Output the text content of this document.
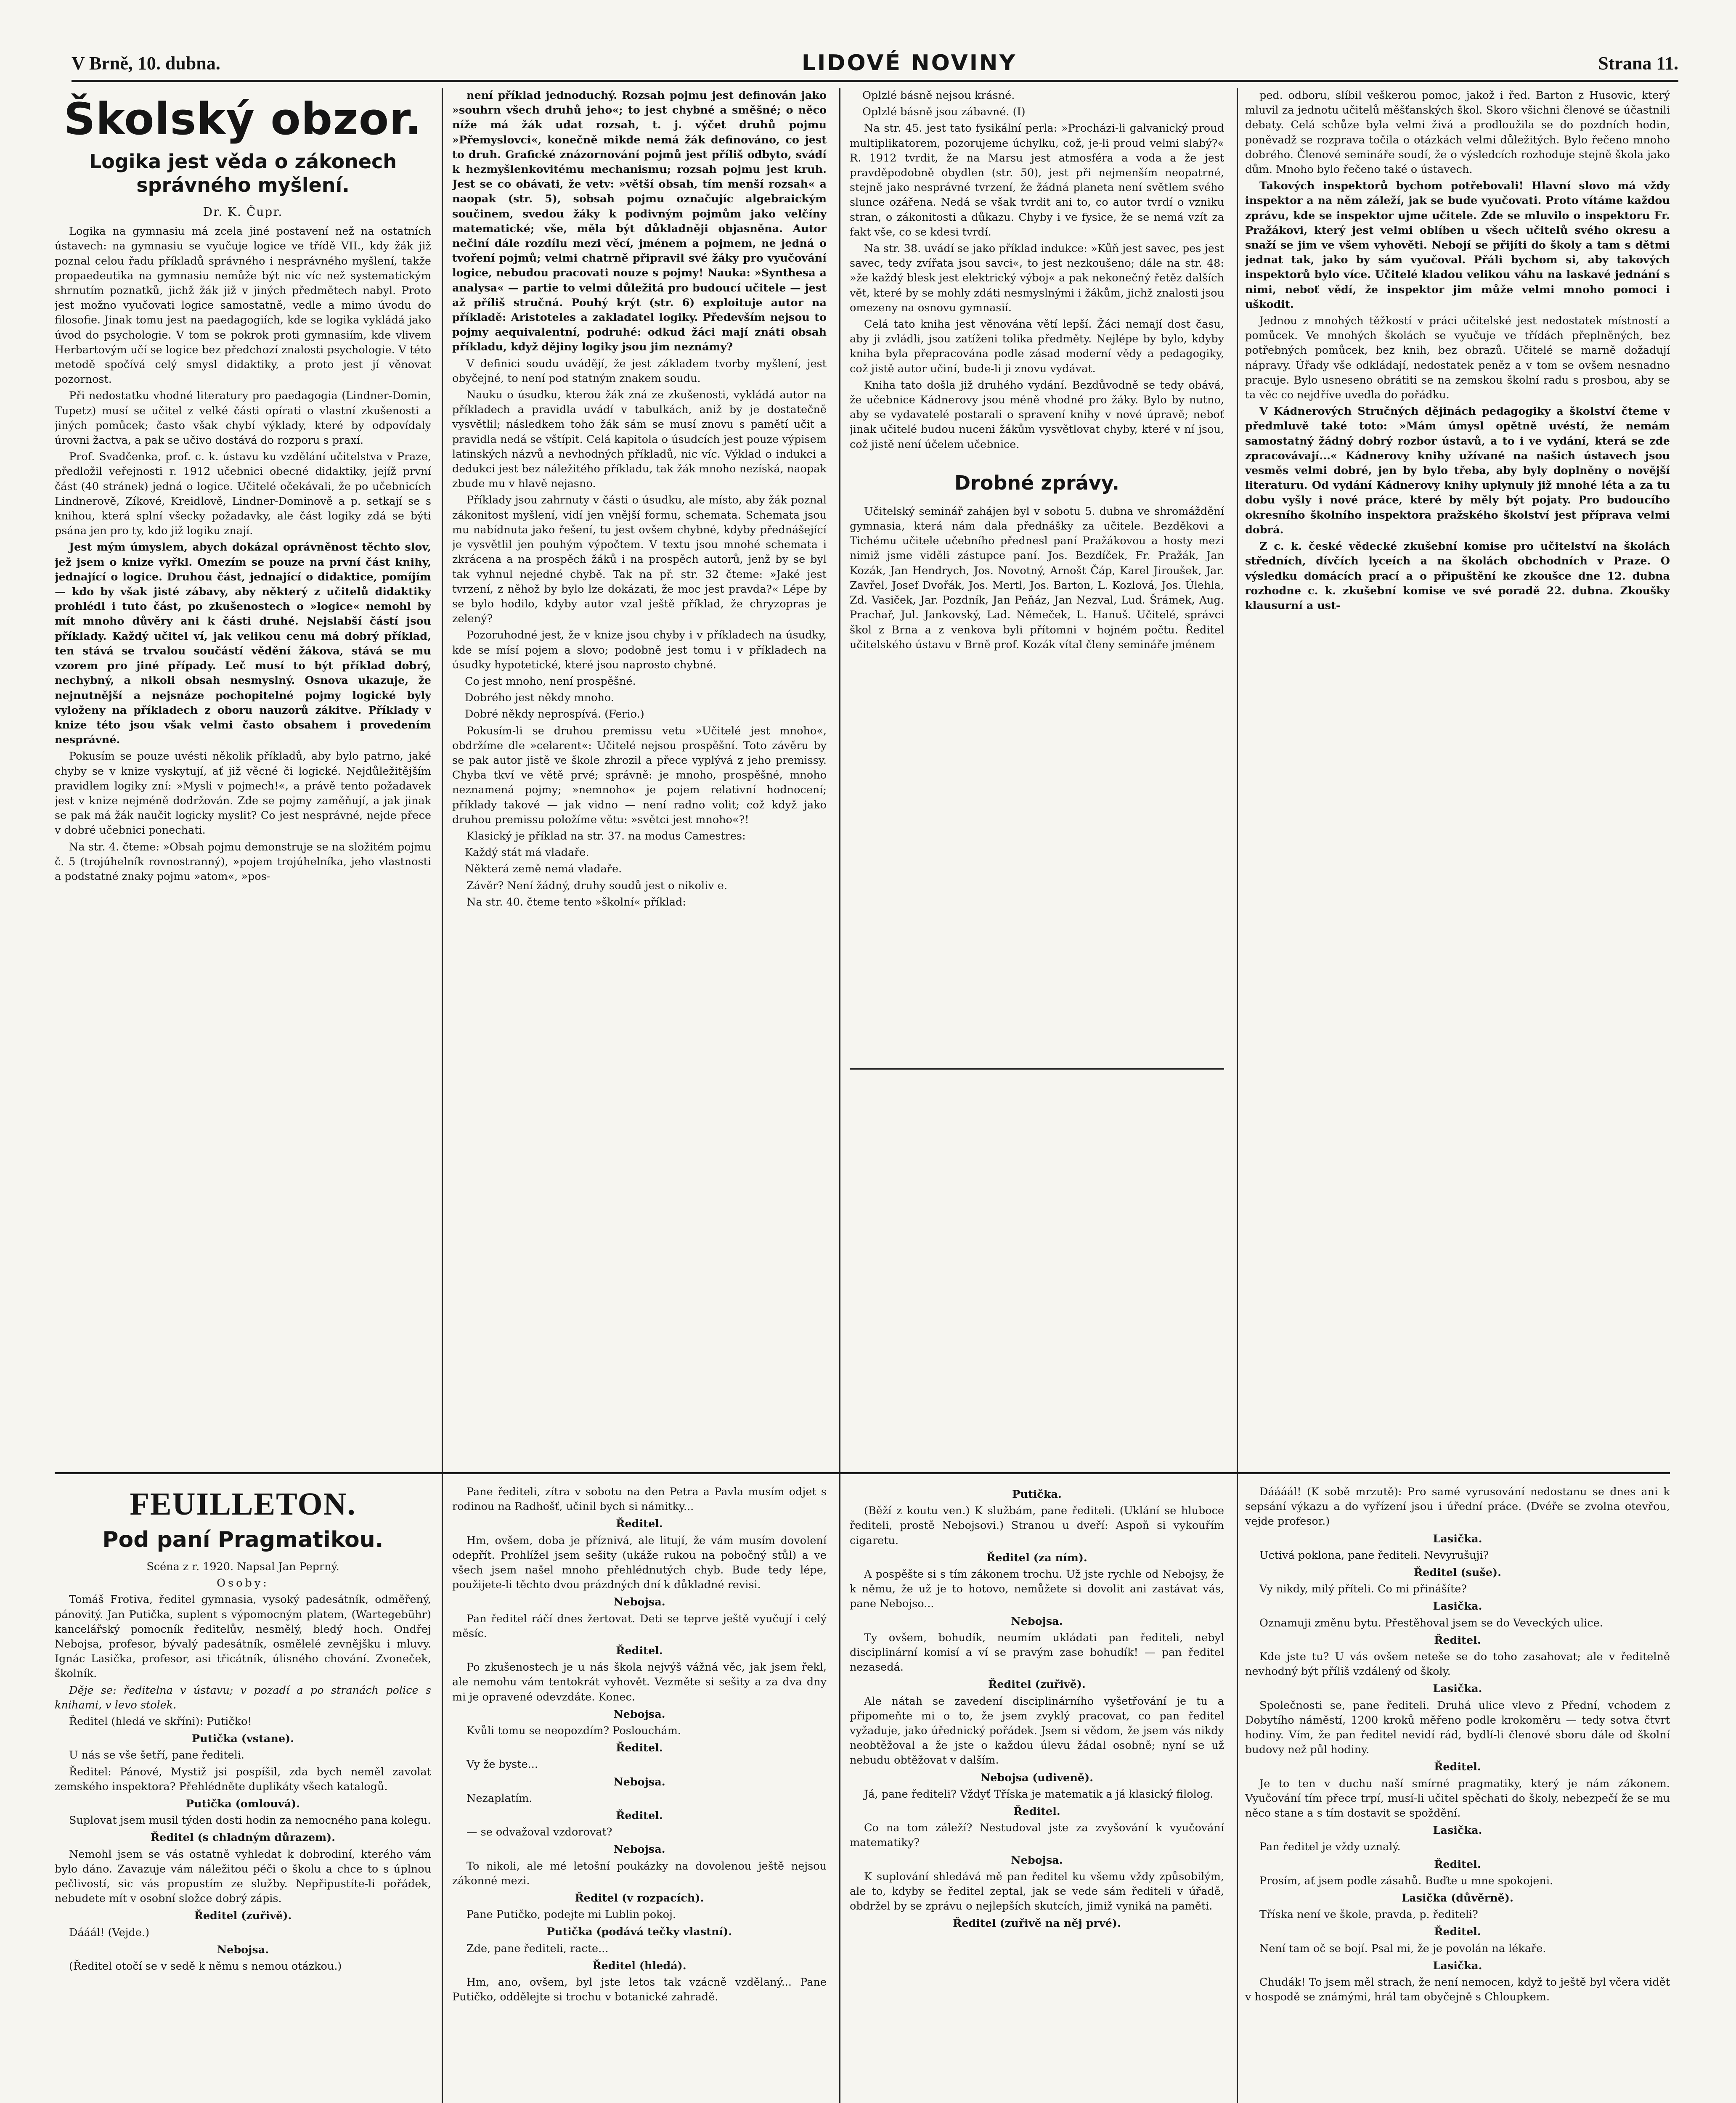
V Brně, 10. dubna.	LIDOVÉ NOVINY	Strana 11.
Školský obzor.
Logika jest věda o zákonech správného myšlení.
Dr. K. Čupr.

Logika na gymnasiu má zcela jiné postavení než na ostatních ústavech: na gymnasiu se vyučuje logice ve třídě VII., kdy žák již poznal celou řadu příkladů správného i nesprávného myšlení, takže propaedeutika na gymnasiu nemůže být nic víc než systematickým shrnutím poznatků, jichž žák již v jiných předmětech nabyl. Proto jest možno vyučovati logice samostatně, vedle a mimo úvodu do filosofie. Jinak tomu jest na paedagogiích, kde se logika vykládá jako úvod do psychologie. V tom se pokrok proti gymnasiím, kde vlivem Herbartovým učí se logice bez předchozí znalosti psychologie. V této metodě spočívá celý smysl didaktiky, a proto jest jí věnovat pozornost.

Při nedostatku vhodné literatury pro paedagogia (Lindner-Domin, Tupetz) musí se učitel z velké části opírati o vlastní zkušenosti a jiných pomůcek; často však chybí výklady, které by odpovídaly úrovni žactva, a pak se učivo dostává do rozporu s praxí.

Prof. Svadčenka, prof. c. k. ústavu ku vzdělání učitelstva v Praze, předložil veřejnosti r. 1912 učebnici obecné didaktiky, jejíž první část (40 stránek) jedná o logice. Učitelé očekávali, že po učebnicích Lindnerově, Zíkové, Kreidlově, Lindner-Dominově a p. setkají se s knihou, která splní všecky požadavky, ale část logiky zdá se býti psána jen pro ty, kdo již logiku znají.

Jest mým úmyslem, abych dokázal oprávněnost těchto slov, jež jsem o knize vyřkl. Omezím se pouze na první část knihy, jednající o logice. Druhou část, jednající o didaktice, pomíjím — kdo by však jisté zábavy, aby některý z učitelů didaktiky prohlédl i tuto část, po zkušenostech o »logice« nemohl by mít mnoho důvěry ani k části druhé. Nejslabší částí jsou příklady. Každý učitel ví, jak velikou cenu má dobrý příklad, ten stává se trvalou součástí vědění žákova, stává se mu vzorem pro jiné případy. Leč musí to být příklad dobrý, nechybný, a nikoli obsah nesmyslný. Osnova ukazuje, že nejnutnější a nejsnáze pochopitelné pojmy logické byly vyloženy na příkladech z oboru nauzorů zákitve. Příklady v knize této jsou však velmi často obsahem i provedením nesprávné.

Pokusím se pouze uvésti několik příkladů, aby bylo patrno, jaké chyby se v knize vyskytují, ať již věcné či logické. Nejdůležitějším pravidlem logiky zní: »Mysli v pojmech!«, a právě tento požadavek jest v knize nejméně dodržován. Zde se pojmy zaměňují, a jak jinak se pak má žák naučit logicky myslit? Co jest nesprávné, nejde přece v dobré učebnici ponechati.

Na str. 4. čteme: »Obsah pojmu demonstruje se na složitém pojmu č. 5 (trojúhelník rovnostranný), »pojem trojúhelníka, jeho vlastnosti a podstatné znaky pojmu »atom«, »pos-

není příklad jednoduchý. Rozsah pojmu jest definován jako »souhrn všech druhů jeho«; to jest chybné a směšné; o něco níže má žák udat rozsah, t. j. výčet druhů pojmu »Přemyslovci«, konečně mikde nemá žák definováno, co jest to druh. Grafické znázornování pojmů jest příliš odbyto, svádí k hezmyšlenkovitému mechanismu; rozsah pojmu jest kruh. Jest se co obávati, že vetv: »větší obsah, tím menší rozsah« a naopak (str. 5), sobsah pojmu označujíc algebraickým součinem, svedou žáky k podivným pojmům jako velčíny matematické; vše, měla být důkladněji objasněna. Autor nečiní dále rozdílu mezi věcí, jménem a pojmem, ne jedná o tvoření pojmů; velmi chatrně připravil své žáky pro vyučování logice, nebudou pracovati nouze s pojmy! Nauka: »Synthesa a analysa« — partie to velmi důležitá pro budoucí učitele — jest až příliš stručná. Pouhý krýt (str. 6) exploituje autor na příkladě: Aristoteles a zakladatel logiky. Především nejsou to pojmy aequivalentní, podruhé: odkud žáci mají znáti obsah příkladu, když dějiny logiky jsou jim neznámy?

V definici soudu uvádějí, že jest základem tvorby myšlení, jest obyčejné, to není pod statným znakem soudu.

Nauku o úsudku, kterou žák zná ze zkušenosti, vykládá autor na příkladech a pravidla uvádí v tabulkách, aniž by je dostatečně vysvětlil; následkem toho žák sám se musí znovu s pamětí učit a pravidla nedá se vštípit. Celá kapitola o úsudcích jest pouze výpisem latinských názvů a nevhodných příkladů, nic víc. Výklad o indukci a dedukci jest bez náležitého příkladu, tak žák mnoho nezíská, naopak zbude mu v hlavě nejasno.

Příklady jsou zahrnuty v části o úsudku, ale místo, aby žák poznal zákonitost myšlení, vidí jen vnější formu, schemata. Schemata jsou mu nabídnuta jako řešení, tu jest ovšem chybné, kdyby přednášející je vysvětlil jen pouhým výpočtem. V textu jsou mnohé schemata i zkrácena a na prospěch žáků i na prospěch autorů, jenž by se byl tak vyhnul nejedné chybě. Tak na př. str. 32 čteme: »Jaké jest tvrzení, z něhož by bylo lze dokázati, že moc jest pravda?« Lépe by se bylo hodilo, kdyby autor vzal ještě příklad, že chryzopras je zelený?

Pozoruhodné jest, že v knize jsou chyby i v příkladech na úsudky, kde se mísí pojem a slovo; podobně jest tomu i v příkladech na úsudky hypotetické, které jsou naprosto chybné.

Co jest mnoho, není prospěšné.

Dobrého jest někdy mnoho.

Dobré někdy neprospívá. (Ferio.)

Pokusím-li se druhou premissu vetu »Učitelé jest mnoho«, obdržíme dle »celarent«: Učitelé nejsou prospěšní. Toto závěru by se pak autor jistě ve škole zhrozil a přece vyplývá z jeho premissy. Chyba tkví ve větě prvé; správně: je mnoho, prospěšné, mnoho neznamená pojmy; »nemnoho« je pojem relativní hodnocení; příklady takové — jak vidno — není radno volit; což když jako druhou premissu položíme větu: »světci jest mnoho«?!

Klasický je příklad na str. 37. na modus Camestres:

Každý stát má vladaře.

Některá země nemá vladaře.

Závěr? Není žádný, druhy soudů jest o nikoliv e.

Na str. 40. čteme tento »školní« příklad:

Oplzlé básně nejsou krásné.

Oplzlé básně jsou zábavné. (I)

Na str. 45. jest tato fysikální perla: »Procházi-li galvanický proud multiplikatorem, pozorujeme úchylku, což, je-li proud velmi slabý?« R. 1912 tvrdit, že na Marsu jest atmosféra a voda a že jest pravděpodobně obydlen (str. 50), jest při nejmenším neopatrné, stejně jako nesprávné tvrzení, že žádná planeta není světlem svého slunce ozářena. Nedá se však tvrdit ani to, co autor tvrdí o vzniku stran, o zákonitosti a důkazu. Chyby i ve fysice, že se nemá vzít za fakt vše, co se kdesi tvrdí.

Na str. 38. uvádí se jako příklad indukce: »Kůň jest savec, pes jest savec, tedy zvířata jsou savci«, to jest nezkoušeno; dále na str. 48: »že každý blesk jest elektrický výboj« a pak nekonečný řetěz dalších vět, které by se mohly zdáti nesmyslnými i žákům, jichž znalosti jsou omezeny na osnovu gymnasií.

Celá tato kniha jest věnována větí lepší. Žáci nemají dost času, aby ji zvládli, jsou zatíženi tolika předměty. Nejlépe by bylo, kdyby kniha byla přepracována podle zásad moderní vědy a pedagogiky, což jistě autor učiní, bude-li ji znovu vydávat.

Kniha tato došla již druhého vydání. Bezdůvodně se tedy obává, že učebnice Kádnerovy jsou méně vhodné pro žáky. Bylo by nutno, aby se vydavatelé postarali o spravení knihy v nové úpravě; neboť jinak učitelé budou nuceni žákům vysvětlovat chyby, které v ní jsou, což jistě není účelem učebnice.

Drobné zprávy.

Učitelský seminář zahájen byl v sobotu 5. dubna ve shromáždění gymnasia, která nám dala přednášky za učitele. Bezděkovi a Tichému učitele učebního přednesl paní Pražákovou a hosty mezi nimiž jsme viděli zástupce paní. Jos. Bezdíček, Fr. Pražák, Jan Kozák, Jan Hendrych, Jos. Novotný, Arnošt Čáp, Karel Jiroušek, Jar. Zavřel, Josef Dvořák, Jos. Mertl, Jos. Barton, L. Kozlová, Jos. Úlehla, Zd. Vasiček, Jar. Pozdník, Jan Peňáz, Jan Nezval, Lud. Šrámek, Aug. Prachař, Jul. Jankovský, Lad. Němeček, L. Hanuš. Učitelé, správci škol z Brna a z venkova byli přítomni v hojném počtu. Ředitel učitelského ústavu v Brně prof. Kozák vítal členy semináře jménem

ped. odboru, slíbil veškerou pomoc, jakož i řed. Barton z Husovic, který mluvil za jednotu učitelů měšťanských škol. Skoro všichni členové se účastnili debaty. Celá schůze byla velmi živá a prodloužila se do pozdních hodin, poněvadž se rozprava točila o otázkách velmi důležitých. Bylo řečeno mnoho dobrého. Členové semináře soudí, že o výsledcích rozhoduje stejně škola jako dům. Mnoho bylo řečeno také o ústavech.

Takových inspektorů bychom potřebovali! Hlavní slovo má vždy inspektor a na něm záleží, jak se bude vyučovati. Proto vítáme každou zprávu, kde se inspektor ujme učitele. Zde se mluvilo o inspektoru Fr. Pražákovi, který jest velmi oblíben u všech učitelů svého okresu a snaží se jim ve všem vyhověti. Nebojí se přijíti do školy a tam s dětmi jednat tak, jako by sám vyučoval. Přáli bychom si, aby takových inspektorů bylo více. Učitelé kladou velikou váhu na laskavé jednání s nimi, neboť vědí, že inspektor jim může velmi mnoho pomoci i uškodit.

Jednou z mnohých těžkostí v práci učitelské jest nedostatek místností a pomůcek. Ve mnohých školách se vyučuje ve třídách přeplněných, bez potřebných pomůcek, bez knih, bez obrazů. Učitelé se marně dožadují nápravy. Úřady vše odkládají, nedostatek peněz a v tom se ovšem nesnadno pracuje. Bylo usneseno obrátiti se na zemskou školní radu s prosbou, aby se ta věc co nejdříve uvedla do pořádku.

V Kádnerových Stručných dějinách pedagogiky a školství čteme v předmluvě také toto: »Mám úmysl opětně uvéstí, že nemám samostatný žádný dobrý rozbor ústavů, a to i ve vydání, která se zde zpracovávají...« Kádnerovy knihy užívané na našich ústavech jsou vesměs velmi dobré, jen by bylo třeba, aby byly doplněny o novější literaturu. Od vydání Kádnerovy knihy uplynuly již mnohé léta a za tu dobu vyšly i nové práce, které by měly být pojaty. Pro budoucího okresního školního inspektora pražského školství jest příprava velmi dobrá.

Z c. k. české vědecké zkušební komise pro učitelství na školách středních, dívčích lyceích a na školách obchodních v Praze. O výsledku domácích prací a o připuštění ke zkoušce dne 12. dubna rozhodne c. k. zkušební komise ve své poradě 22. dubna. Zkoušky klausurní a ust-

FEUILLETON.
Pod paní Pragmatikou.

Scéna z r. 1920. Napsal Jan Peprný.

Osoby:

Tomáš Frotiva, ředitel gymnasia, vysoký padesátník, odměřený, pánovitý. Jan Putička, suplent s výpomocným platem, (Wartegebühr) kancelářský pomocník ředitelův, nesmělý, bledý hoch. Ondřej Nebojsa, profesor, bývalý padesátník, osmělelé zevnějšku i mluvy. Ignác Lasička, profesor, asi třicátník, úlisného chování. Zvoneček, školník.

Děje se: ředitelna v ústavu; v pozadí a po stranách police s knihami, v levo stolek.

Ředitel (hledá ve skříni): Putičko!

Putička (vstane).

U nás se vše šetří, pane řediteli.

Ředitel: Pánové, Mystiž jsi pospíšil, zda bych neměl zavolat zemského inspektora? Přehlédněte duplikáty všech katalogů.

Putička (omlouvá).

Suplovat jsem musil týden dosti hodin za nemocného pana kolegu.

Ředitel (s chladným důrazem).

Nemohl jsem se vás ostatně vyhledat k dobrodiní, kterého vám bylo dáno. Zavazuje vám náležitou péči o školu a chce to s úplnou pečlivostí, sic vás propustím ze služby. Nepřipustíte-li pořádek, nebudete mít v osobní složce dobrý zápis.

Ředitel (zuřivě).

Dááál! (Vejde.)

Nebojsa.

(Ředitel otočí se v sedě k němu s nemou otázkou.)

Pane řediteli, zítra v sobotu na den Petra a Pavla musím odjet s rodinou na Radhošť, učinil bych si námitky...

Ředitel.

Hm, ovšem, doba je příznivá, ale litují, že vám musím dovolení odepřít. Prohlížel jsem sešity (ukáže rukou na pobočný stůl) a ve všech jsem našel mnoho přehlédnutých chyb. Bude tedy lépe, použijete-li těchto dvou prázdných dní k důkladné revisi.

Nebojsa.

Pan ředitel ráčí dnes žertovat. Deti se teprve ještě vyučují i celý měsíc.

Ředitel.

Po zkušenostech je u nás škola nejvýš vážná věc, jak jsem řekl, ale nemohu vám tentokrát vyhovět. Vezměte si sešity a za dva dny mi je opravené odevzdáte. Konec.

Nebojsa.

Kvůli tomu se neopozdím? Poslouchám.

Ředitel.

Vy že byste...

Nebojsa.

Nezaplatím.

Ředitel.

— se odvažoval vzdorovat?

Nebojsa.

To nikoli, ale mé letošní poukázky na dovolenou ještě nejsou zákonné mezi.

Ředitel (v rozpacích).

Pane Putičko, podejte mi Lublin pokoj.

Putička (podává tečky vlastní).

Zde, pane řediteli, racte...

Ředitel (hledá).

Hm, ano, ovšem, byl jste letos tak vzácně vzdělaný... Pane Putičko, oddělejte si trochu v botanické zahradě.

Putička.

(Běží z koutu ven.) K službám, pane řediteli. (Uklání se hluboce řediteli, prostě Nebojsovi.) Stranou u dveří: Aspoň si vykouřím cigaretu.

Ředitel (za ním).

A pospěšte si s tím zákonem trochu. Už jste rychle od Nebojsy, že k němu, že už je to hotovo, nemůžete si dovolit ani zastávat vás, pane Nebojso...

Nebojsa.

Ty ovšem, bohudík, neumím ukládati pan řediteli, nebyl disciplinární komisí a ví se pravým zase bohudík! — pan ředitel nezasedá.

Ředitel (zuřivě).

Ale nátah se zavedení disciplinárního vyšetřování je tu a připomeňte mi o to, že jsem zvyklý pracovat, co pan ředitel vyžaduje, jako úřednický pořádek. Jsem si vědom, že jsem vás nikdy neobtěžoval a že jste o každou úlevu žádal osobně; nyní se už nebudu obtěžovat v dalším.

Nebojsa (udiveně).

Já, pane řediteli? Vždyť Tříska je matematik a já klasický filolog.

Ředitel.

Co na tom záleží? Nestudoval jste za zvyšování k vyučování matematiky?

Nebojsa.

K suplování shledává mě pan ředitel ku všemu vždy způsobilým, ale to, kdyby se ředitel zeptal, jak se vede sám řediteli v úřadě, obdržel by se zprávu o nejlepších skutcích, jimiž vyniká na paměti.

Ředitel (zuřivě na něj prvé).

Dáááál! (K sobě mrzutě): Pro samé vyrusování nedostanu se dnes ani k sepsání výkazu a do vyřízení jsou i úřední práce. (Dvéře se zvolna otevřou, vejde profesor.)

Lasička.

Uctivá poklona, pane řediteli. Nevyrušuji?

Ředitel (suše).

Vy nikdy, milý příteli. Co mi přinášíte?

Lasička.

Oznamuji změnu bytu. Přestěhoval jsem se do Veveckých ulice.

Ředitel.

Kde jste tu? U vás ovšem neteše se do toho zasahovat; ale v ředitelně nevhodný být příliš vzdálený od školy.

Lasička.

Společnosti se, pane řediteli. Druhá ulice vlevo z Přední, vchodem z Dobytího náměstí, 1200 kroků měřeno podle krokoměru — tedy sotva čtvrt hodiny. Vím, že pan ředitel nevidí rád, bydlí-li členové sboru dále od školní budovy než půl hodiny.

Ředitel.

Je to ten v duchu naší smírné pragmatiky, který je nám zákonem. Vyučování tím přece trpí, musí-li učitel spěchati do školy, nebezpečí že se mu něco stane a s tím dostavit se spoždění.

Lasička.

Pan ředitel je vždy uznalý.

Ředitel.

Prosím, ať jsem podle zásahů. Buďte u mne spokojeni.

Lasička (důvěrně).

Tříska není ve škole, pravda, p. řediteli?

Ředitel.

Není tam oč se bojí. Psal mi, že je povolán na lékaře.

Lasička.

Chudák! To jsem měl strach, že není nemocen, když to ještě byl včera vidět v hospodě se známými, hrál tam obyčejně s Chloupkem.
